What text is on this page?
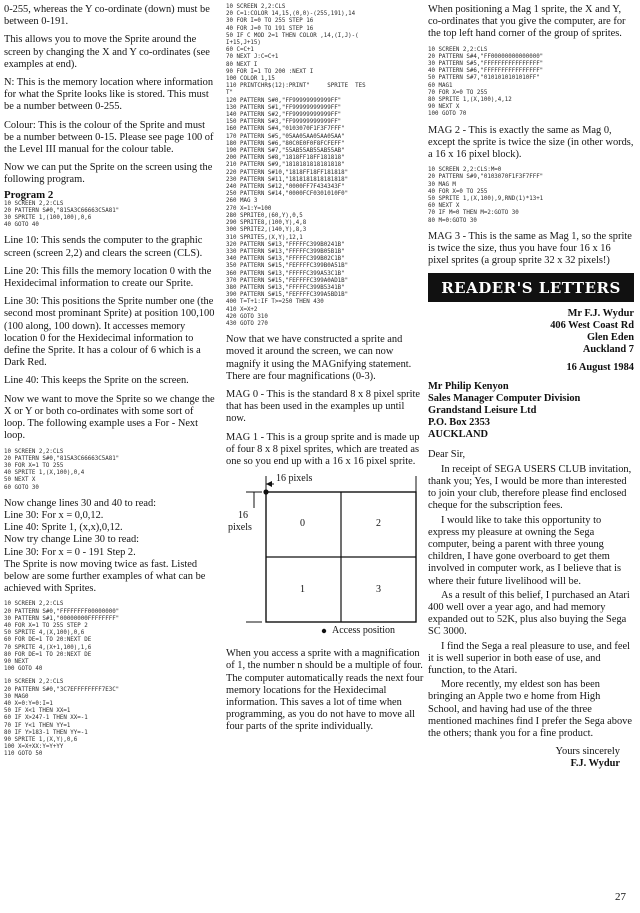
0-255, whereas the Y co-ordinate (down) must be between 0-191.

This allows you to move the Sprite around the screen by changing the X and Y co-ordinates (see examples at end).

N: This is the memory location where information for what the Sprite looks like is stored. This must be a number between 0-255.

Colour: This is the colour of the Sprite and must be a number between 0-15. Please see page 100 of the Level III manual for the colour table.

Now we can put the Sprite on the screen using the following program.

Program 2

10 SCREEN 2,2:CLS
20 PATTERN S#0,"815A3C66663C5A81"
30 SPRITE 1,(100,100),0,6
40 GOTO 40

Line 10: This sends the computer to the graphic screen (screen 2,2) and clears the screen (CLS).

Line 20: This fills the memory location 0 with the Hexidecimal information to create our Sprite.

Line 30: This positions the Sprite number one (the second most prominant Sprite) at position 100,100 (100 along, 100 down). It accesses memory location 0 for the Hexidecimal information to define the Sprite. It has a colour of 6 which is a Dark Red.

Line 40: This keeps the Sprite on the screen.

Now we want to move the Sprite so we change the X or Y or both co-ordinates with some sort of loop. The following example uses a For - Next loop.

10 SCREEN 2,2:CLS
20 PATTERN S#0,"815A3C66663C5A81"
30 FOR X=1 TO 255
40 SPRITE 1,(X,100),0,4
50 NEXT X
60 GOTO 30

Now change lines 30 and 40 to read:
Line 30: For x = 0,0,12.
Line 40: Sprite 1, (x,x),0,12.
Now try change Line 30 to read:
Line 30: For x = 0 - 191 Step 2.
The Sprite is now moving twice as fast. Listed below are some further examples of what can be achieved with Sprites.

10 SCREEN 2,2:CLS
20 PATTERN S#0,"FFFFFFFF00000000"
30 PATTERN S#1,"00000000FFFFFFFF"
40 FOR X=1 TO 255 STEP 2
50 SPRITE 4,(X,100),0,6
60 FOR DE=1 TO 20:NEXT DE
70 SPRITE 4,(X+1,100),1,6
80 FOR DE=1 TO 20:NEXT DE
90 NEXT
100 GOTO 40
10 SCREEN 2,2:CLS
20 PATTERN S#0,"3C7EFFFFFFFF7E3C"
30 MAG0
40 X=0:Y=0:I=1
50 IF X<1 THEN XX=1
60 IF X>247-1 THEN XX=-1
70 IF Y<1 THEN YY=1
80 IF Y>183-1 THEN YY=-1
90 SPRITE 1,(X,Y),0,6
100 X=X+XX:Y=Y+YY
110 GOTO 50
10 SCREEN 2,2:CLS
20 C=1:COLOR 14,15,(0,0)-(255,191),14
30 FOR I=0 TO 255 STEP 16
40 FOR J=0 TO 191 STEP 16
50 IF C MOD 2=1 THEN COLOR ,14,(I,J)-(
I+15,J+15)
60 C=C+1
70 NEXT J:C=C+1
80 NEXT I
90 FOR I=1 TO 200 :NEXT I
100 COLOR 1,15
110 PRINTCHR$(12):PRINT"     SPRITE  TES
T"
120 PATTERN S#0,"FF99999999999FF"
130 PATTERN S#1,"FF99999999999FF"
140 PATTERN S#2,"FF99999999999FF"
150 PATTERN S#3,"FF99999999999FF"
160 PATTERN S#4,"0103070F1F3F7FFF"
170 PATTERN S#5,"05AA05AA05AA05AA"
180 PATTERN S#6,"80C0E0F0F8FCFEFF"
190 PATTERN S#7,"55AB55AB55AB55AB"
200 PATTERN S#8,"1818FF18FF181818"
210 PATTERN S#9,"1818181818181818"
220 PATTERN S#10,"1818FF18FF181818"
230 PATTERN S#11,"1818181818181818"
240 PATTERN S#12,"0000FF7F434343F"
250 PATTERN S#14,"0000FCF0301010F0"
260 MAG 3
270 X=1:Y=100
280 SPRITE0,(60,Y),0,5
290 SPRITE8,(100,Y),4,8
300 SPRITE2,(140,Y),8,3
310 SPRITE5,(X,Y),12,1
320 PATTERN S#13,"FFFFFC399B0241B"
330 PATTERN S#13,"FFFFFC399B05B1B"
340 PATTERN S#13,"FFFFFC399B02C1B"
350 PATTERN S#15,"FEFFFFC399B0A51B"
360 PATTERN S#13,"FFFFFC399A53C1B"
370 PATTERN S#15,"FEFFFFC399A0AD1B"
380 PATTERN S#13,"FFFFFC399B5341B"
390 PATTERN S#15,"FEFFFFC399A5BD1B"
400 T=T+1:IF T>=250 THEN 430
410 X=X+2
420 GOTO 310
430 GOTO 270

Now that we have constructed a sprite and moved it around the screen, we can now magnify it using the MAGnifying statement. There are four magnifications (0-3).

MAG 0 - This is the standard 8 x 8 pixel sprite that has been used in the examples up until now.

MAG 1 - This is a group sprite and is made up of four 8 x 8 pixel sprites, which are treated as one so you end up with a 16 x 16 pixel sprite.

16 pixels
16
pixels	0	2
1	3
Access position

When you access a sprite with a magnification of 1, the number n should be a multiple of four. The computer automatically reads the next four memory locations for the Hexidecimal information. This saves a lot of time when programming, as you do not have to move all four parts of the sprite individually.

When positioning a Mag 1 sprite, the X and Y, co-ordinates that you give the computer, are for the top left hand corner of the group of sprites.

10 SCREEN 2,2:CLS
20 PATTERN S#4,"FF00000000000000"
30 PATTERN S#5,"FFFFFFFFFFFFFFFF"
40 PATTERN S#6,"FFFFFFFFFFFFFFFF"
50 PATTERN S#7,"0101010101010FF"
60 MAG1
70 FOR X=0 TO 255
80 SPRITE 1,(X,100),4,12
90 NEXT X
100 GOTO 70

MAG 2 - This is exactly the same as Mag 0, except the sprite is twice the size (in other words, a 16 x 16 pixel block).

10 SCREEN 2,2:CLS:M=0
20 PATTERN S#9,"0103070F1F3F7FFF"
30 MAG M
40 FOR X=0 TO 255
50 SPRITE 1,(X,100),9,RND(1)*13+1
60 NEXT X
70 IF M=0 THEN M=2:GOTO 30
80 M=0:GOTO 30

MAG 3 - This is the same as Mag 1, so the sprite is twice the size, thus you have four 16 x 16 pixel sprites (a group sprite 32 x 32 pixels!)

READER'S LETTERS

Mr F.J. Wydur

406 West Coast Rd

Glen Eden

Auckland 7

16 August 1984

Mr Philip Kenyon
Sales Manager Computer Division
Grandstand Leisure Ltd
P.O. Box 2353
AUCKLAND

Dear Sir,

In receipt of SEGA USERS CLUB invitation, thank you; Yes, I would be more than interested to join your club, therefore please find enclosed cheque for the subscription fees.

I would like to take this opportunity to express my pleasure at owning the Sega computer, being a parent with three young children, I have gone overboard to get them involved in computer work, as I believe that is where their future livelihood will be.

As a result of this belief, I purchased an Atari 400 well over a year ago, and had memory expanded out to 52K, plus also buying the Sega SC 3000.

I find the Sega a real pleasure to use, and feel it is well superior in both ease of use, and function, to the Atari.

More recently, my eldest son has been bringing an Apple two e home from High School, and having had use of the three mentioned machines find I prefer the Sega above the others; thank you for a fine product.

Yours sincerely
F.J. Wydur
27
